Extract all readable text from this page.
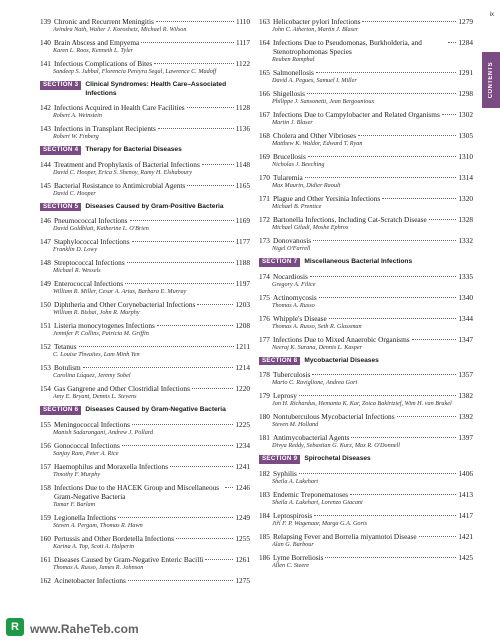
ix
CONTENTS
139 Chronic and Recurrent Meningitis	1110
Avindra Nath, Walter J. Koroshetz, Michael R. Wilson
140 Brain Abscess and Empyema	1117
Karen L. Roos, Kenneth L. Tyler
141 Infectious Complications of Bites	1122
Sandeep S. Jubbal, Florencia Pereyra Segal, Lawrence C. Madoff
SECTION 3	Clinical Syndromes: Health Care–Associated Infections
142 Infections Acquired in Health Care Facilities	1128
Robert A. Weinstein
143 Infections in Transplant Recipients	1136
Robert W. Finberg
SECTION 4	Therapy for Bacterial Diseases
144 Treatment and Prophylaxis of Bacterial Infections	1148
David C. Hooper, Erica S. Shenoy, Ramy H. Elshaboury
145 Bacterial Resistance to Antimicrobial Agents	1165
David C. Hooper
SECTION 5	Diseases Caused by Gram-Positive Bacteria
146 Pneumococcal Infections	1169
David Goldblatt, Katherine L. O'Brien
147 Staphylococcal Infections	1177
Franklin D. Lowy
148 Streptococcal Infections	1188
Michael R. Wessels
149 Enterococcal Infections	1197
William R. Miller, Cesar A. Arias, Barbara E. Murray
150 Diphtheria and Other Corynebacterial Infections	1203
William R. Bishai, John R. Murphy
151 Listeria monocytogenes Infections	1208
Jennifer P. Collins, Patricia M. Griffin
152 Tetanus	1211
C. Louise Thwaites, Lam Minh Yen
153 Botulism	1214
Carolina Lúquez, Jeremy Sobel
154 Gas Gangrene and Other Clostridial Infections	1220
Amy E. Bryant, Dennis L. Stevens
SECTION 6	Diseases Caused by Gram-Negative Bacteria
155 Meningococcal Infections	1225
Manish Sadarangani, Andrew J. Pollard
156 Gonococcal Infections	1234
Sanjay Ram, Peter A. Rice
157 Haemophilus and Moraxella Infections	1241
Timothy F. Murphy
158 Infections Due to the HACEK Group and Miscellaneous Gram-Negative Bacteria
1246
Tamar F. Barlam
159 Legionella Infections	1249
Steven A. Pergam, Thomas R. Hawn
160 Pertussis and Other Bordetella Infections	1255
Karina A. Top, Scott A. Halperin
161 Diseases Caused by Gram-Negative Enteric Bacilli	1261
Thomas A. Russo, James R. Johnson
162 Acinetobacter Infections	1275
163 Helicobacter pylori Infections	1279
John C. Atherton, Martin J. Blaser
164 Infections Due to Pseudomonas, Burkholderia, and Stenotrophomonas Species
1284
Reuben Ramphal
165 Salmonellosis	1291
David A. Pegues, Samuel I. Miller
166 Shigellosis	1298
Philippe J. Sansonetti, Jean Bergounioux
167 Infections Due to Campylobacter and Related Organisms	1302
Martin J. Blaser
168 Cholera and Other Vibrioses	1305
Matthew K. Waldor, Edward T. Ryan
169 Brucellosis	1310
Nicholas J. Beeching
170 Tularemia	1314
Max Maurin, Didier Raoult
171 Plague and Other Yersinia Infections	1320
Michael B. Prentice
172 Bartonella Infections, Including Cat-Scratch Disease	1328
Michael Giladi, Moshe Ephros
173 Donovanosis	1332
Nigel O'Farrell
SECTION 7	Miscellaneous Bacterial Infections
174 Nocardiosis	1335
Gregory A. Filice
175 Actinomycosis	1340
Thomas A. Russo
176 Whipple's Disease	1344
Thomas A. Russo, Seth R. Glassman
177 Infections Due to Mixed Anaerobic Organisms	1347
Neeraj K. Surana, Dennis L. Kasper
SECTION 8	Mycobacterial Diseases
178 Tuberculosis	1357
Mario C. Raviglione, Andrea Gori
179 Leprosy	1382
Jan H. Richardus, Hemanta K. Kar, Zoica Bakirtzief, Wim H. van Brakel
180 Nontuberculous Mycobacterial Infections	1392
Steven M. Holland
181 Antimycobacterial Agents	1397
Divya Reddy, Sebastian G. Kurz, Max R. O'Donnell
SECTION 9	Spirochetal Diseases
182 Syphilis	1406
Sheila A. Lukehart
183 Endemic Treponematoses	1413
Sheila A. Lukehart, Lorenzo Giacani
184 Leptospirosis	1417
Jiří F. P. Wagenaar, Marga G.A. Goris
185 Relapsing Fever and Borrelia miyamotoi Disease	1421
Alan G. Barbour
186 Lyme Borreliosis	1425
Allen C. Steere
R www.RaheTeb.com
